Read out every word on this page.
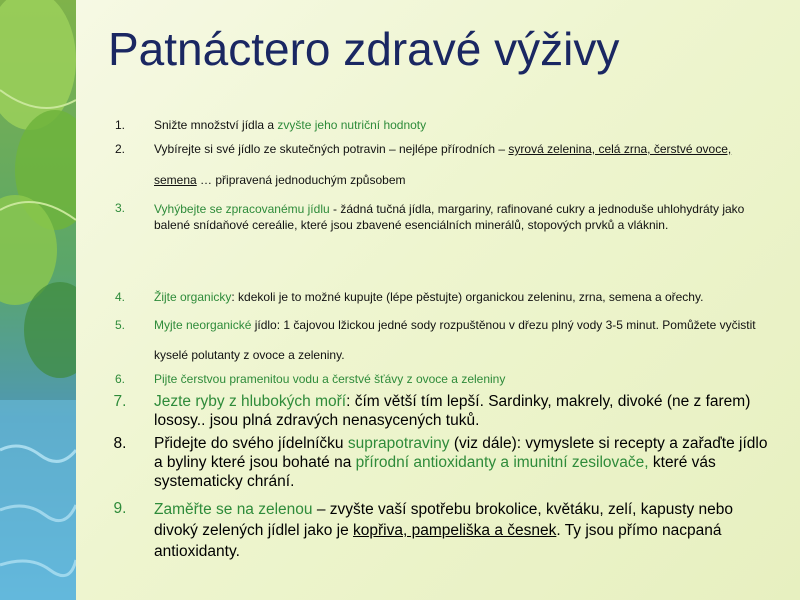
Patnáctero zdravé výživy
1.	Snižte množství jídla a zvyšte jeho nutriční hodnoty
2.	Vybírejte si své jídlo ze skutečných potravin – nejlépe přírodních – syrová zelenina, celá zrna, čerstvé ovoce, semena … připravená jednoduchým způsobem
3.	Vyhýbejte se zpracovanému jídlu - žádná tučná jídla, margariny, rafinované cukry a jednoduše uhlohydráty jako balené snídaňové cereálie, které jsou zbavené esenciálních minerálů, stopových prvků a vláknin.
4.	Žijte organicky: kdekoli je to možné kupujte (lépe pěstujte) organickou zeleninu, zrna, semena a ořechy.
5.	Myjte neorganické jídlo: 1 čajovou lžickou jedné sody rozpuštěnou v dřezu plný vody 3-5 minut. Pomůžete vyčistit kyselé polutanty z ovoce a zeleniny.
6.	Pijte čerstvou pramenitou vodu a čerstvé šťávy z ovoce a zeleniny
7.	Jezte ryby z hlubokých moří: čím větší tím lepší. Sardinky, makrely, divoké (ne z farem) lososy.. jsou plná zdravých nenasycených tuků.
8.	Přidejte do svého jídelníčku suprapotraviny (viz dále): vymyslete si recepty a zařaďte jídlo a byliny které jsou bohaté na přírodní antioxidanty a imunitní zesilovače, které vás systematicky chrání.
9.	Zaměřte se na zelenou – zvyšte vaší spotřebu brokolice, květáku, zelí, kapusty nebo divoký zelených jídlel jako je kopřiva, pampeliška a česnek. Ty jsou přímo nacpaná antioxidanty.
